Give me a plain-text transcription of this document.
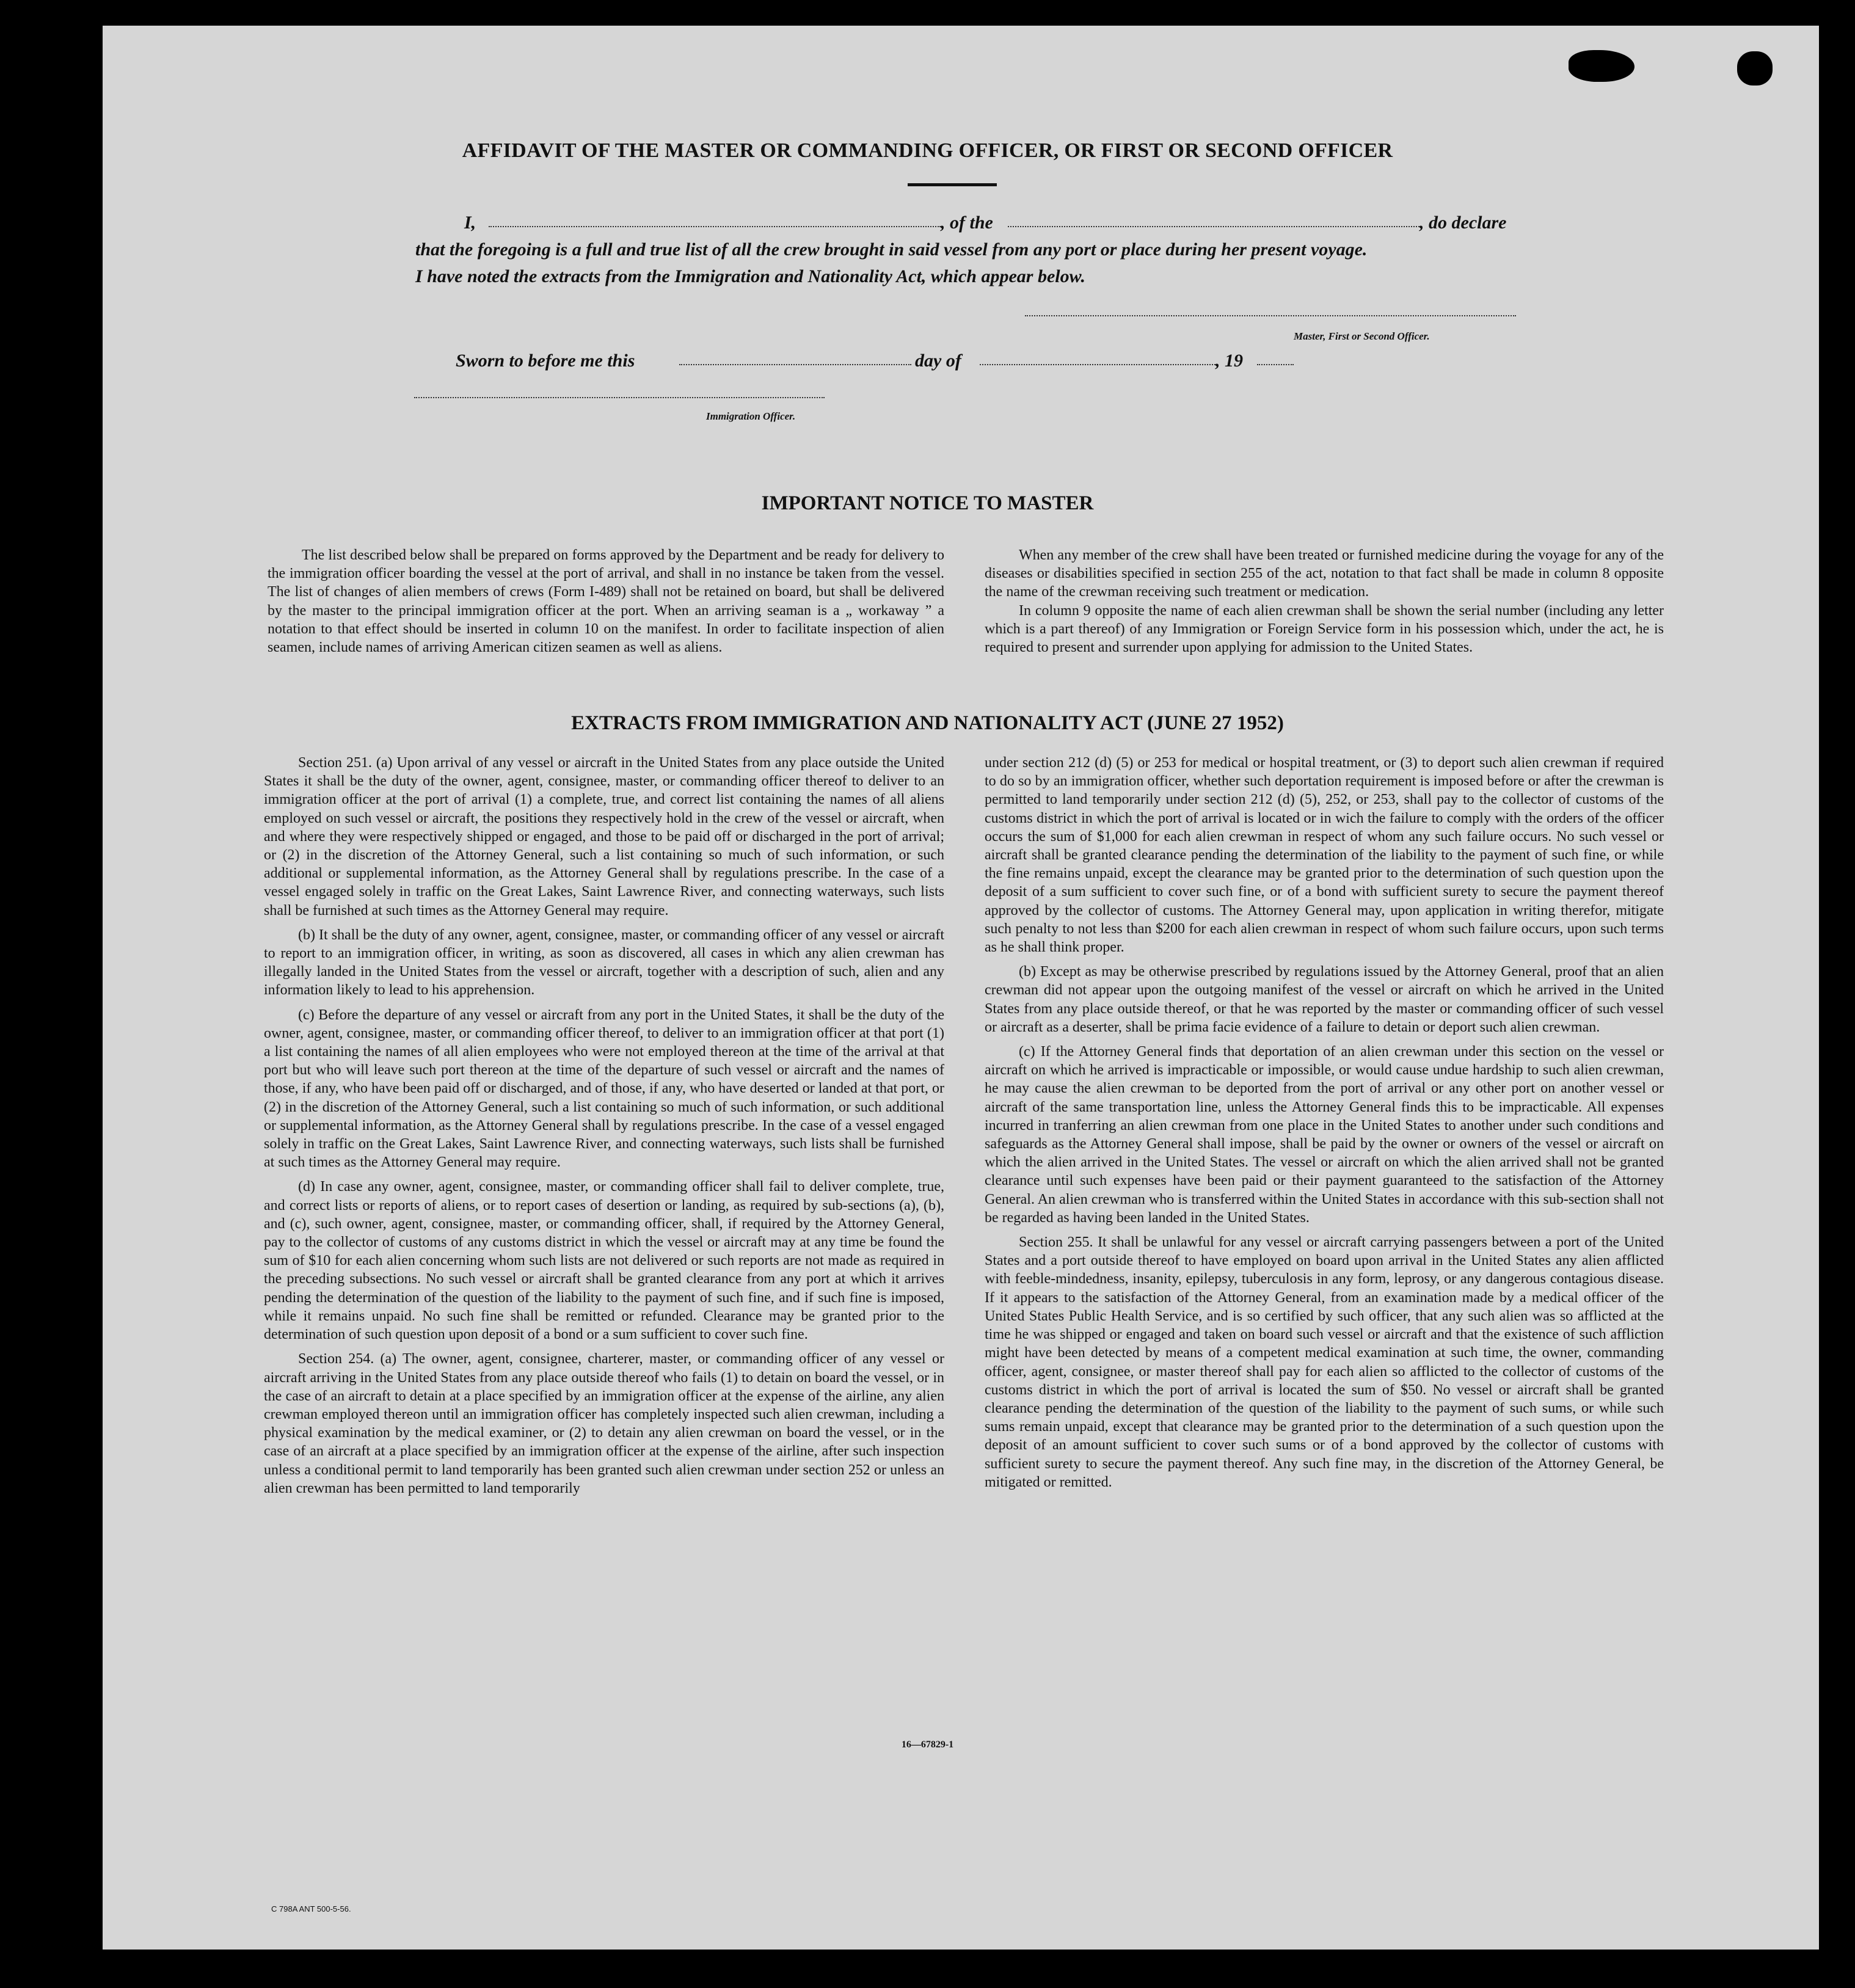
AFFIDAVIT OF THE MASTER OR COMMANDING OFFICER, OR FIRST OR SECOND OFFICER
I,	, of the	, do declare
that the foregoing is a full and true list of all the crew brought in said vessel from any port or place during her present voyage.
I have noted the extracts from the Immigration and Nationality Act, which appear below.
Master, First or Second Officer.
Sworn to before me this	day of	, 19
Immigration Officer.
IMPORTANT NOTICE TO MASTER

The list described below shall be prepared on forms approved by the Department and be ready for delivery to the immigration officer boarding the vessel at the port of arrival, and shall in no instance be taken from the vessel. The list of changes of alien members of crews (Form I-489) shall not be retained on board, but shall be delivered by the master to the principal immigration officer at the port. When an arriving seaman is a „ workaway ” a notation to that effect should be inserted in column 10 on the manifest. In order to facilitate inspection of alien seamen, include names of arriving American citizen seamen as well as aliens.

When any member of the crew shall have been treated or furnished medicine during the voyage for any of the diseases or disabilities specified in section 255 of the act, notation to that fact shall be made in column 8 opposite the name of the crewman receiving such treatment or medication.

In column 9 opposite the name of each alien crewman shall be shown the serial number (including any letter which is a part thereof) of any Immigration or Foreign Service form in his possession which, under the act, he is required to present and surrender upon applying for admission to the United States.

EXTRACTS FROM IMMIGRATION AND NATIONALITY ACT (JUNE 27 1952)

Section 251. (a) Upon arrival of any vessel or aircraft in the United States from any place outside the United States it shall be the duty of the owner, agent, consignee, master, or commanding officer thereof to deliver to an immigration officer at the port of arrival (1) a complete, true, and correct list containing the names of all aliens employed on such vessel or aircraft, the positions they respectively hold in the crew of the vessel or aircraft, when and where they were respectively shipped or engaged, and those to be paid off or discharged in the port of arrival; or (2) in the discretion of the Attorney General, such a list containing so much of such information, or such additional or supplemental information, as the Attorney General shall by regulations prescribe. In the case of a vessel engaged solely in traffic on the Great Lakes, Saint Lawrence River, and connecting waterways, such lists shall be furnished at such times as the Attorney General may require.

(b) It shall be the duty of any owner, agent, consignee, master, or commanding officer of any vessel or aircraft to report to an immigration officer, in writing, as soon as discovered, all cases in which any alien crewman has illegally landed in the United States from the vessel or aircraft, together with a description of such, alien and any information likely to lead to his apprehension.

(c) Before the departure of any vessel or aircraft from any port in the United States, it shall be the duty of the owner, agent, consignee, master, or commanding officer thereof, to deliver to an immigration officer at that port (1) a list containing the names of all alien employees who were not employed thereon at the time of the arrival at that port but who will leave such port thereon at the time of the departure of such vessel or aircraft and the names of those, if any, who have been paid off or discharged, and of those, if any, who have deserted or landed at that port, or (2) in the discretion of the Attorney General, such a list containing so much of such information, or such additional or supplemental information, as the Attorney General shall by regulations prescribe. In the case of a vessel engaged solely in traffic on the Great Lakes, Saint Lawrence River, and connecting waterways, such lists shall be furnished at such times as the Attorney General may require.

(d) In case any owner, agent, consignee, master, or commanding officer shall fail to deliver complete, true, and correct lists or reports of aliens, or to report cases of desertion or landing, as required by sub-sections (a), (b), and (c), such owner, agent, consignee, master, or commanding officer, shall, if required by the Attorney General, pay to the collector of customs of any customs district in which the vessel or aircraft may at any time be found the sum of $10 for each alien concerning whom such lists are not delivered or such reports are not made as required in the preceding subsections. No such vessel or aircraft shall be granted clearance from any port at which it arrives pending the determination of the question of the liability to the payment of such fine, and if such fine is imposed, while it remains unpaid. No such fine shall be remitted or refunded. Clearance may be granted prior to the determination of such question upon deposit of a bond or a sum sufficient to cover such fine.

Section 254. (a) The owner, agent, consignee, charterer, master, or commanding officer of any vessel or aircraft arriving in the United States from any place outside thereof who fails (1) to detain on board the vessel, or in the case of an aircraft to detain at a place specified by an immigration officer at the expense of the airline, any alien crewman employed thereon until an immigration officer has completely inspected such alien crewman, including a physical examination by the medical examiner, or (2) to detain any alien crewman on board the vessel, or in the case of an aircraft at a place specified by an immigration officer at the expense of the airline, after such inspection unless a conditional permit to land temporarily has been granted such alien crewman under section 252 or unless an alien crewman has been permitted to land temporarily

under section 212 (d) (5) or 253 for medical or hospital treatment, or (3) to deport such alien crewman if required to do so by an immigration officer, whether such deportation requirement is imposed before or after the crewman is permitted to land temporarily under section 212 (d) (5), 252, or 253, shall pay to the collector of customs of the customs district in which the port of arrival is located or in wich the failure to comply with the orders of the officer occurs the sum of $1,000 for each alien crewman in respect of whom any such failure occurs. No such vessel or aircraft shall be granted clearance pending the determination of the liability to the payment of such fine, or while the fine remains unpaid, except the clearance may be granted prior to the determination of such question upon the deposit of a sum sufficient to cover such fine, or of a bond with sufficient surety to secure the payment thereof approved by the collector of customs. The Attorney General may, upon application in writing therefor, mitigate such penalty to not less than $200 for each alien crewman in respect of whom such failure occurs, upon such terms as he shall think proper.

(b) Except as may be otherwise prescribed by regulations issued by the Attorney General, proof that an alien crewman did not appear upon the outgoing manifest of the vessel or aircraft on which he arrived in the United States from any place outside thereof, or that he was reported by the master or commanding officer of such vessel or aircraft as a deserter, shall be prima facie evidence of a failure to detain or deport such alien crewman.

(c) If the Attorney General finds that deportation of an alien crewman under this section on the vessel or aircraft on which he arrived is impracticable or impossible, or would cause undue hardship to such alien crewman, he may cause the alien crewman to be deported from the port of arrival or any other port on another vessel or aircraft of the same transportation line, unless the Attorney General finds this to be impracticable. All expenses incurred in tranferring an alien crewman from one place in the United States to another under such conditions and safeguards as the Attorney General shall impose, shall be paid by the owner or owners of the vessel or aircraft on which the alien arrived in the United States. The vessel or aircraft on which the alien arrived shall not be granted clearance until such expenses have been paid or their payment guaranteed to the satisfaction of the Attorney General. An alien crewman who is transferred within the United States in accordance with this sub-section shall not be regarded as having been landed in the United States.

Section 255. It shall be unlawful for any vessel or aircraft carrying passengers between a port of the United States and a port outside thereof to have employed on board upon arrival in the United States any alien afflicted with feeble-mindedness, insanity, epilepsy, tuberculosis in any form, leprosy, or any dangerous contagious disease. If it appears to the satisfaction of the Attorney General, from an examination made by a medical officer of the United States Public Health Service, and is so certified by such officer, that any such alien was so afflicted at the time he was shipped or engaged and taken on board such vessel or aircraft and that the existence of such affliction might have been detected by means of a competent medical examination at such time, the owner, commanding officer, agent, consignee, or master thereof shall pay for each alien so afflicted to the collector of customs of the customs district in which the port of arrival is located the sum of $50. No vessel or aircraft shall be granted clearance pending the determination of the question of the liability to the payment of such sums, or while such sums remain unpaid, except that clearance may be granted prior to the determination of a such question upon the deposit of an amount sufficient to cover such sums or of a bond approved by the collector of customs with sufficient surety to secure the payment thereof. Any such fine may, in the discretion of the Attorney General, be mitigated or remitted.

16—67829-1
C 798A ANT 500-5-56.
